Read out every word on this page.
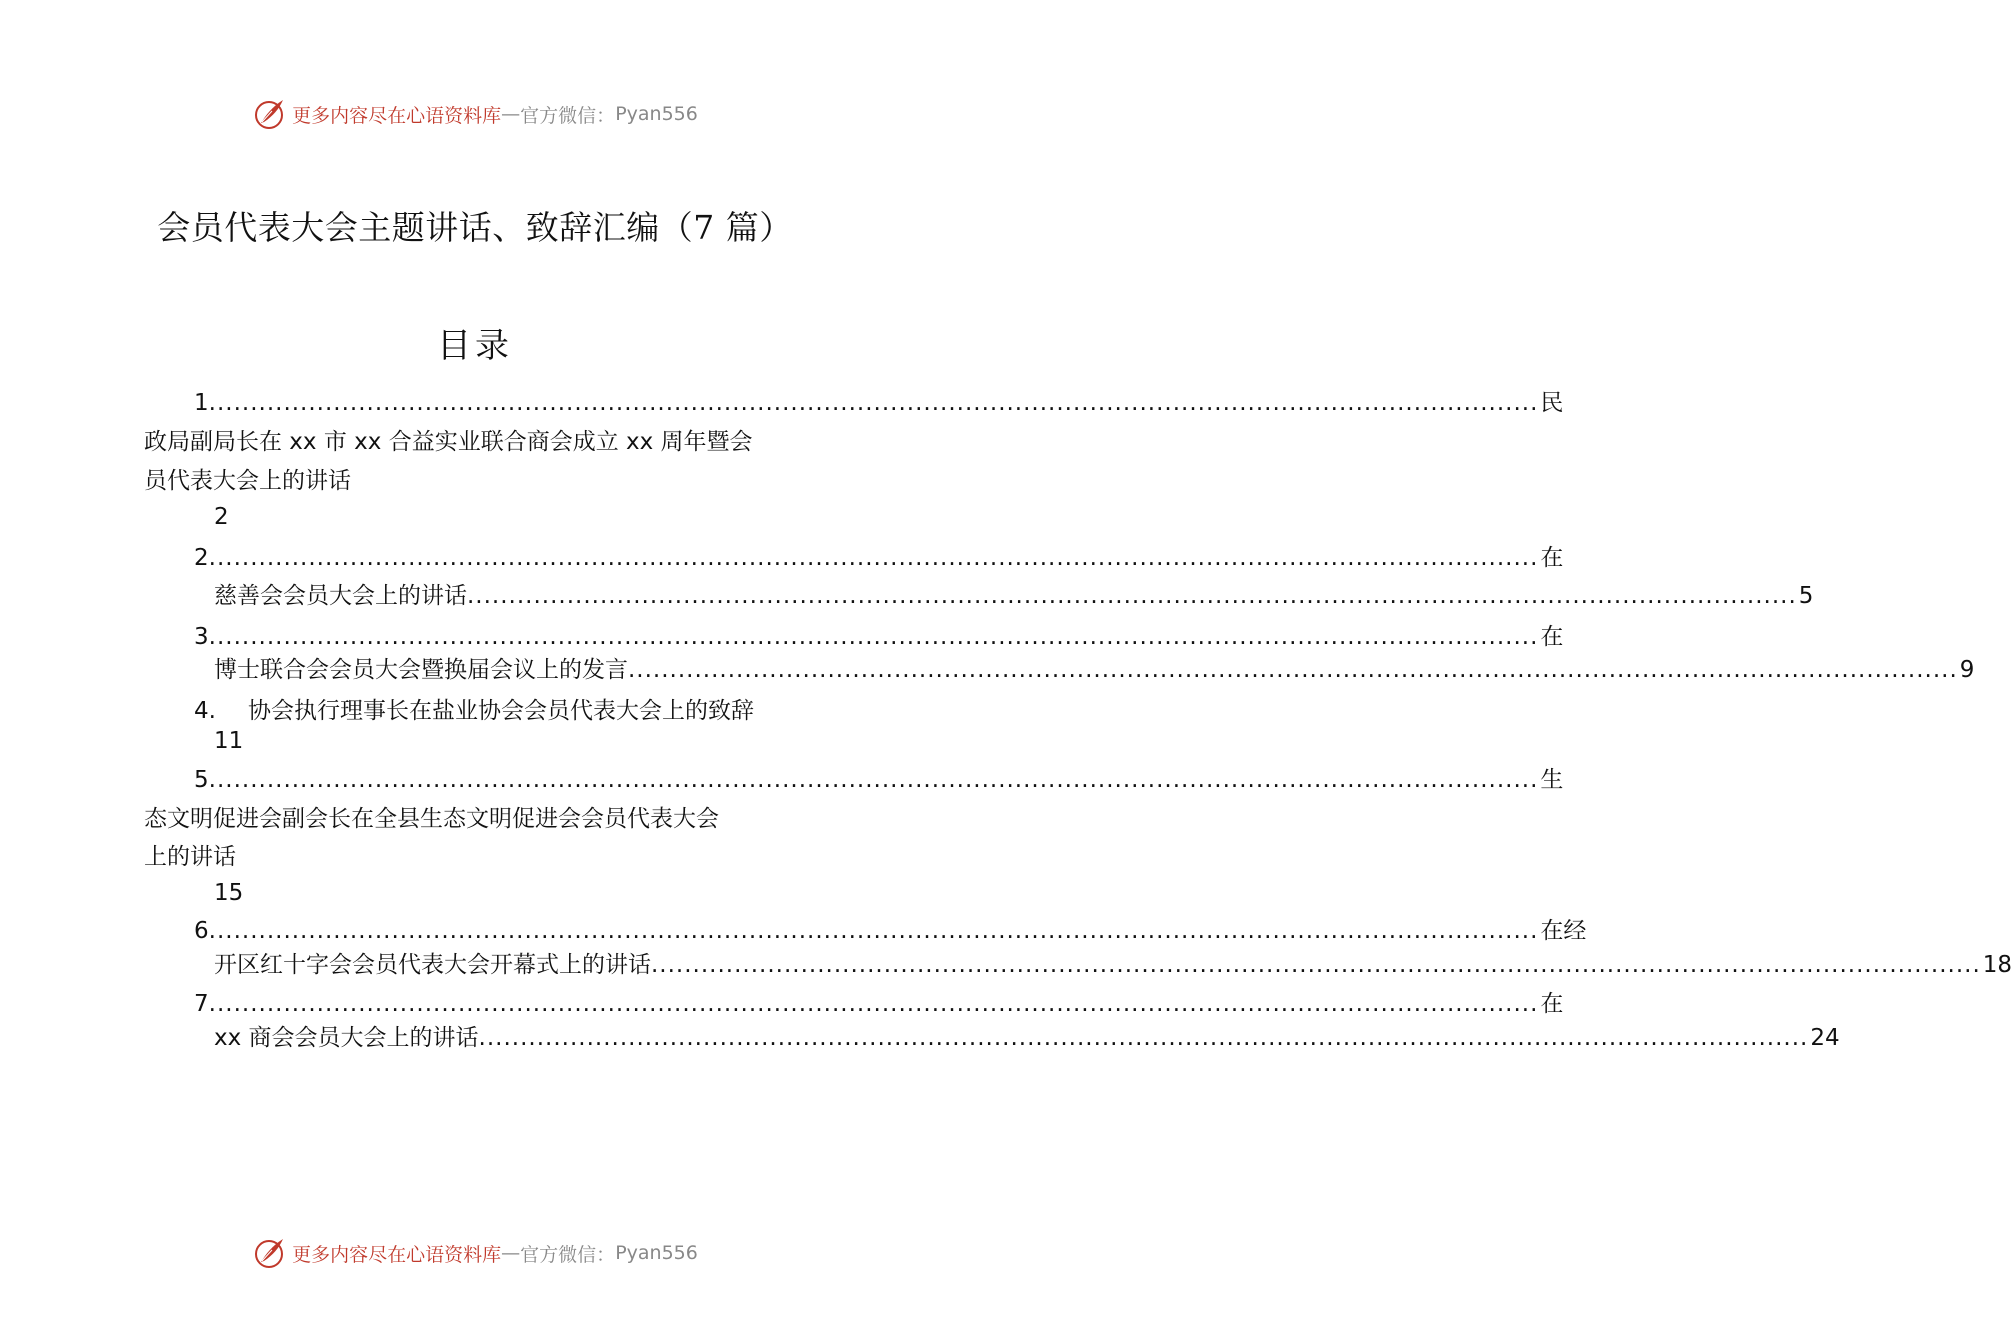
更多内容尽在心语资料库 — 官方微信： Pyan556
会员代表大会主题讲话、致辞汇编（7 篇）
目录
1 ................................................................................................................................................................ 民
政局副局长在 xx 市 xx 合益实业联合商会成立 xx 周年暨会
员代表大会上的讲话
2
2 ................................................................................................................................................................ 在
慈善会会员大会上的讲话 ................................................................................................................................................................ 5
3 ................................................................................................................................................................ 在
博士联合会会员大会暨换届会议上的发言 ................................................................................................................................................................ 9
4. 协会执行理事长在盐业协会会员代表大会上的致辞
11
5 ................................................................................................................................................................ 生
态文明促进会副会长在全县生态文明促进会会员代表大会
上的讲话
15
6 ................................................................................................................................................................ 在经
开区红十字会会员代表大会开幕式上的讲话 ................................................................................................................................................................ 18
7 ................................................................................................................................................................ 在
xx 商会会员大会上的讲话 ................................................................................................................................................................ 24
更多内容尽在心语资料库 — 官方微信： Pyan556
